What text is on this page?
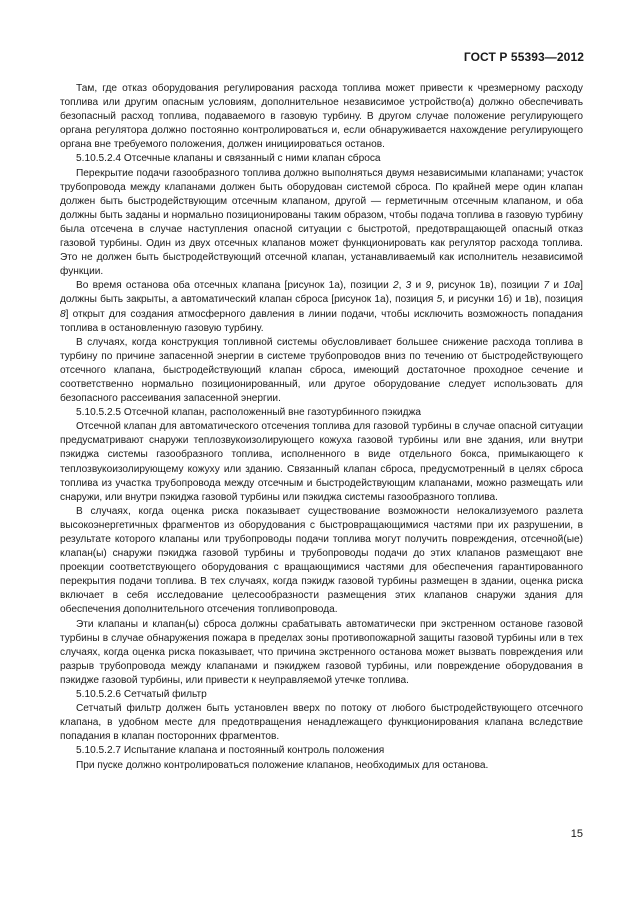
ГОСТ Р 55393—2012

Там, где отказ оборудования регулирования расхода топлива может привести к чрезмерному расходу топлива или другим опасным условиям, дополнительное независимое устройство(а) должно обеспечивать безопасный расход топлива, подаваемого в газовую турбину. В другом случае положение регулирующего органа регулятора должно постоянно контролироваться и, если обнаруживается нахождение регулирующего органа вне требуемого положения, должен инициироваться останов.

5.10.5.2.4 Отсечные клапаны и связанный с ними клапан сброса

Перекрытие подачи газообразного топлива должно выполняться двумя независимыми клапанами; участок трубопровода между клапанами должен быть оборудован системой сброса. По крайней мере один клапан должен быть быстродействующим отсечным клапаном, другой — герметичным отсечным клапаном, и оба должны быть заданы и нормально позиционированы таким образом, чтобы подача топлива в газовую турбину была отсечена в случае наступления опасной ситуации с быстротой, предотвращающей опасный отказ газовой турбины. Один из двух отсечных клапанов может функционировать как регулятор расхода топлива. Это не должен быть быстродействующий отсечной клапан, устанавливаемый как исполнитель независимой функции.

Во время останова оба отсечных клапана [рисунок 1а), позиции 2, 3 и 9, рисунок 1в), позиции 7 и 10а] должны быть закрыты, а автоматический клапан сброса [рисунок 1а), позиция 5, и рисунки 1б) и 1в), позиция 8] открыт для создания атмосферного давления в линии подачи, чтобы исключить возможность попадания топлива в остановленную газовую турбину.

В случаях, когда конструкция топливной системы обусловливает большее снижение расхода топлива в турбину по причине запасенной энергии в системе трубопроводов вниз по течению от быстродействующего отсечного клапана, быстродействующий клапан сброса, имеющий достаточное проходное сечение и соответственно нормально позиционированный, или другое оборудование следует использовать для безопасного рассеивания запасенной энергии.

5.10.5.2.5 Отсечной клапан, расположенный вне газотурбинного пэкиджа

Отсечной клапан для автоматического отсечения топлива для газовой турбины в случае опасной ситуации предусматривают снаружи теплозвукоизолирующего кожуха газовой турбины или вне здания, или внутри пэкиджа системы газообразного топлива, исполненного в виде отдельного бокса, примыкающего к теплозвукоизолирующему кожуху или зданию. Связанный клапан сброса, предусмотренный в целях сброса топлива из участка трубопровода между отсечным и быстродействующим клапанами, можно размещать или снаружи, или внутри пэкиджа газовой турбины или пэкиджа системы газообразного топлива.

В случаях, когда оценка риска показывает существование возможности нелокализуемого разлета высокоэнергетичных фрагментов из оборудования с быстровращающимися частями при их разрушении, в результате которого клапаны или трубопроводы подачи топлива могут получить повреждения, отсечной(ые) клапан(ы) снаружи пэкиджа газовой турбины и трубопроводы подачи до этих клапанов размещают вне проекции соответствующего оборудования с вращающимися частями для обеспечения гарантированного перекрытия подачи топлива. В тех случаях, когда пэкидж газовой турбины размещен в здании, оценка риска включает в себя исследование целесообразности размещения этих клапанов снаружи здания для обеспечения дополнительного отсечения топливопровода.

Эти клапаны и клапан(ы) сброса должны срабатывать автоматически при экстренном останове газовой турбины в случае обнаружения пожара в пределах зоны противопожарной защиты газовой турбины или в тех случаях, когда оценка риска показывает, что причина экстренного останова может вызвать повреждения или разрыв трубопровода между клапанами и пэкиджем газовой турбины, или повреждение оборудования в пэкидже газовой турбины, или привести к неуправляемой утечке топлива.

5.10.5.2.6 Сетчатый фильтр

Сетчатый фильтр должен быть установлен вверх по потоку от любого быстродействующего отсечного клапана, в удобном месте для предотвращения ненадлежащего функционирования клапана вследствие попадания в клапан посторонних фрагментов.

5.10.5.2.7 Испытание клапана и постоянный контроль положения

При пуске должно контролироваться положение клапанов, необходимых для останова.

15
